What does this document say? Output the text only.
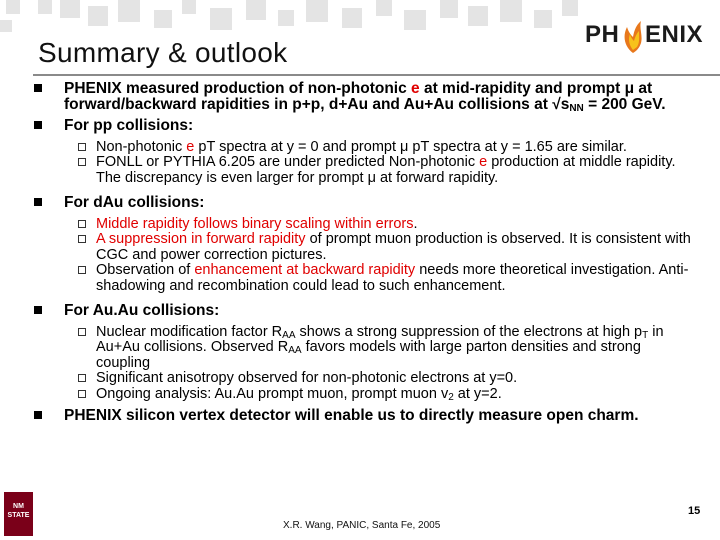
Summary & outlook
PH ENIX
PHENIX measured production of non-photonic e at mid-rapidity and prompt μ at forward/backward rapidities in p+p, d+Au and Au+Au collisions at $√s_{NN} = 200$ GeV.
For pp collisions:
Non-photonic e pT spectra at y = 0 and prompt μ pT spectra at y = 1.65 are similar.
FONLL or PYTHIA 6.205 are under predicted Non-photonic e production at middle rapidity. The discrepancy is even larger for prompt μ at forward rapidity.
For dAu collisions:
Middle rapidity follows binary scaling within errors.
A suppression in forward rapidity of prompt muon production is observed. It is consistent with CGC and power correction pictures.
Observation of enhancement at backward rapidity needs more theoretical investigation. Anti-shadowing and recombination could lead to such enhancement.
For Au.Au collisions:
Nuclear modification factor $R_{AA}$ shows a strong suppression of the electrons at high $p_T$ in Au+Au collisions. Observed $R_{AA}$ favors models with large parton densities and strong coupling
Significant anisotropy observed for non-photonic electrons at y=0.
Ongoing analysis: Au.Au prompt muon, prompt muon $v_2$ at y=2.
PHENIX silicon vertex detector will enable us to directly measure open charm.
NM STATE
X.R. Wang, PANIC, Santa Fe, 2005
15
